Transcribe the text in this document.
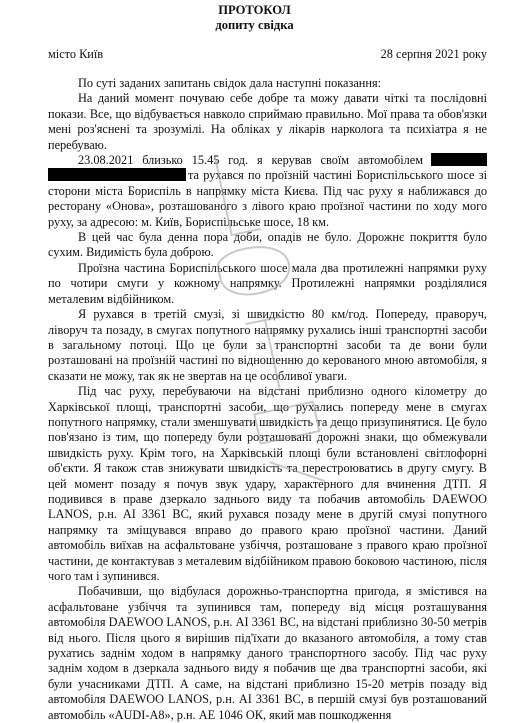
ПРОТОКОЛ
допиту свідка
місто Київ	28 серпня 2021 року

По суті заданих запитань свідок дала наступні показання:

На даний момент почуваю себе добре та можу давати чіткі та послідовні покази. Все, що відбувається навколо сприймаю правильно. Мої права та обов'язки мені роз'яснені та зрозумілі. На обліках у лікарів нарколога та психіатра я не перебуваю.

23.08.2021 близько 15.45 год. я керував своїм автомобілем та рухався по проїзній частині Бориспільського шосе зі сторони міста Бориспіль в напрямку міста Києва. Під час руху я наближався до ресторану «Онова», розташованого з лівого краю проїзної частини по ходу мого руху, за адресою: м. Київ, Бориспільське шосе, 18 км.

В цей час була денна пора доби, опадів не було. Дорожнє покриття було сухим. Видимість була доброю.

Проїзна частина Бориспільського шосе мала два протилежні напрямки руху по чотири смуги у кожному напрямку. Протилежні напрямки розділялися металевим відбійником.

Я рухався в третій смузі, зі швидкістю 80 км/год. Попереду, праворуч, ліворуч та позаду, в смугах попутного напрямку рухались інші транспортні засоби в загальному потоці. Що це були за транспортні засоби та де вони були розташовані на проїзній частині по відношенню до керованого мною автомобіля, я сказати не можу, так як не звертав на це особливої уваги.

Під час руху, перебуваючи на відстані приблизно одного кілометру до Харківської площі, транспортні засоби, що рухались попереду мене в смугах попутного напрямку, стали зменшувати швидкість та дещо призупинятися. Це було пов'язано із тим, що попереду були розташовані дорожні знаки, що обмежували швидкість руху. Крім того, на Харківській площі були встановлені світлофорні об'єкти. Я також став знижувати швидкість та перестроюватись в другу смугу. В цей момент позаду я почув звук удару, характерного для вчинення ДТП. Я подивився в праве дзеркало заднього виду та побачив автомобіль DAEWOO LANOS, р.н. АІ 3361 ВС, який рухався позаду мене в другій смузі попутного напрямку та зміщувався вправо до правого краю проїзної частини. Даний автомобіль виїхав на асфальтоване узбіччя, розташоване з правого краю проїзної частини, де контактував з металевим відбійником правою боковою частиною, після чого там і зупинився.

Побачивши, що відбулася дорожньо-транспортна пригода, я змістився на асфальтоване узбіччя та зупинився там, попереду від місця розташування автомобіля DAEWOO LANOS, р.н. АІ 3361 ВС, на відстані приблизно 30-50 метрів від нього. Після цього я вирішив під'їхати до вказаного автомобіля, а тому став рухатись заднім ходом в напрямку даного транспортного засобу. Під час руху заднім ходом в дзеркала заднього виду я побачив ще два транспортні засоби, які були учасниками ДТП. А саме, на відстані приблизно 15-20 метрів позаду від автомобіля DAEWOO LANOS, р.н. АІ 3361 ВС, в першій смузі був розташований автомобіль «AUDI-A8», р.н. АЕ 1046 ОК, який мав пошкодження
